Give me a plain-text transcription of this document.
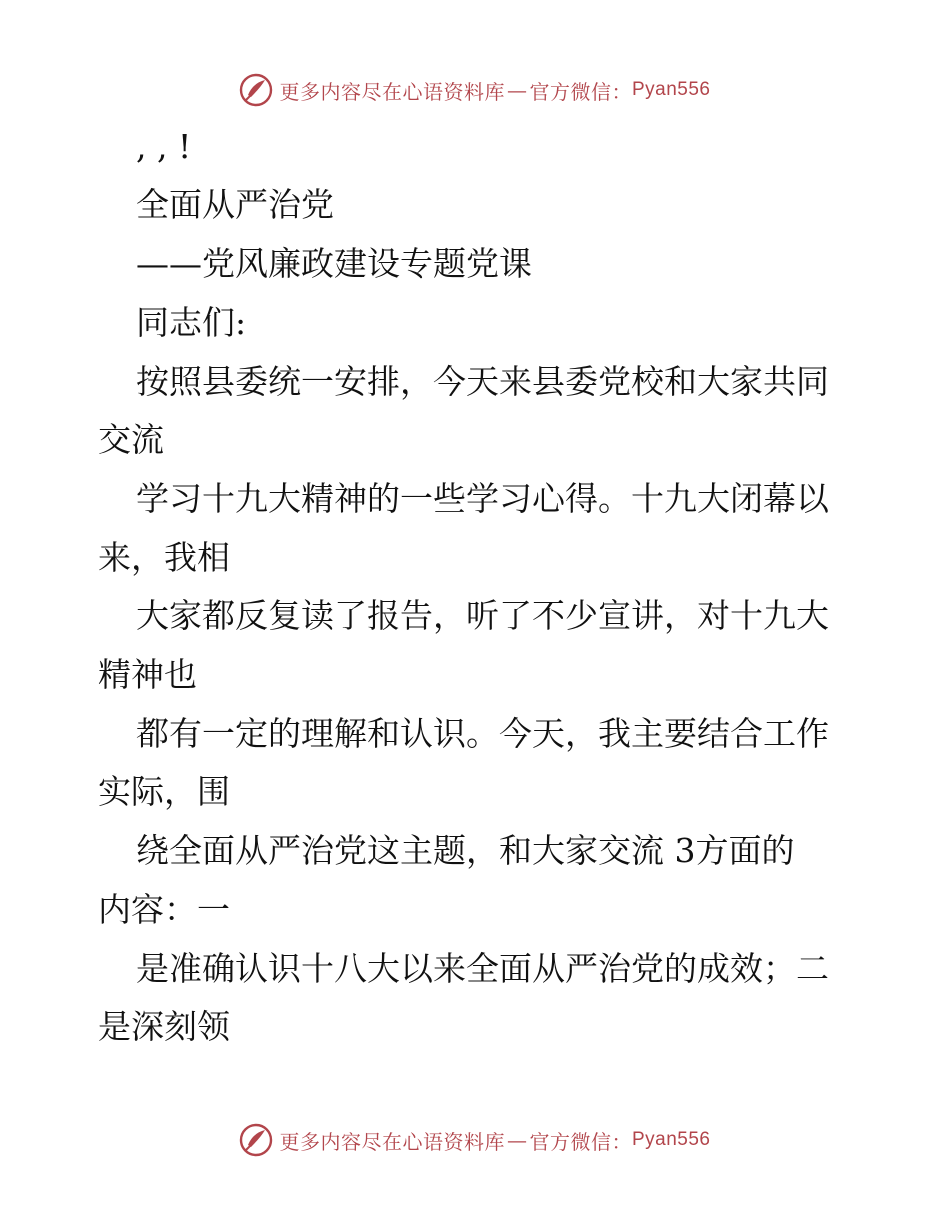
更多内容尽在心语资料库 — 官方微信： Pyan556
, , !
全面从严治党
——党风廉政建设专题党课
同志们:
按照县委统一安排，今天来县委党校和大家共同
交流
学习十九大精神的一些学习心得。十九大闭幕以
来，我相
大家都反复读了报告，听了不少宣讲，对十九大
精神也
都有一定的理解和认识。今天，我主要结合工作
实际，围
绕全面从严治党这主题，和大家交流 3方面的
内容：一
是准确认识十八大以来全面从严治党的成效；二
是深刻领
更多内容尽在心语资料库 — 官方微信： Pyan556
